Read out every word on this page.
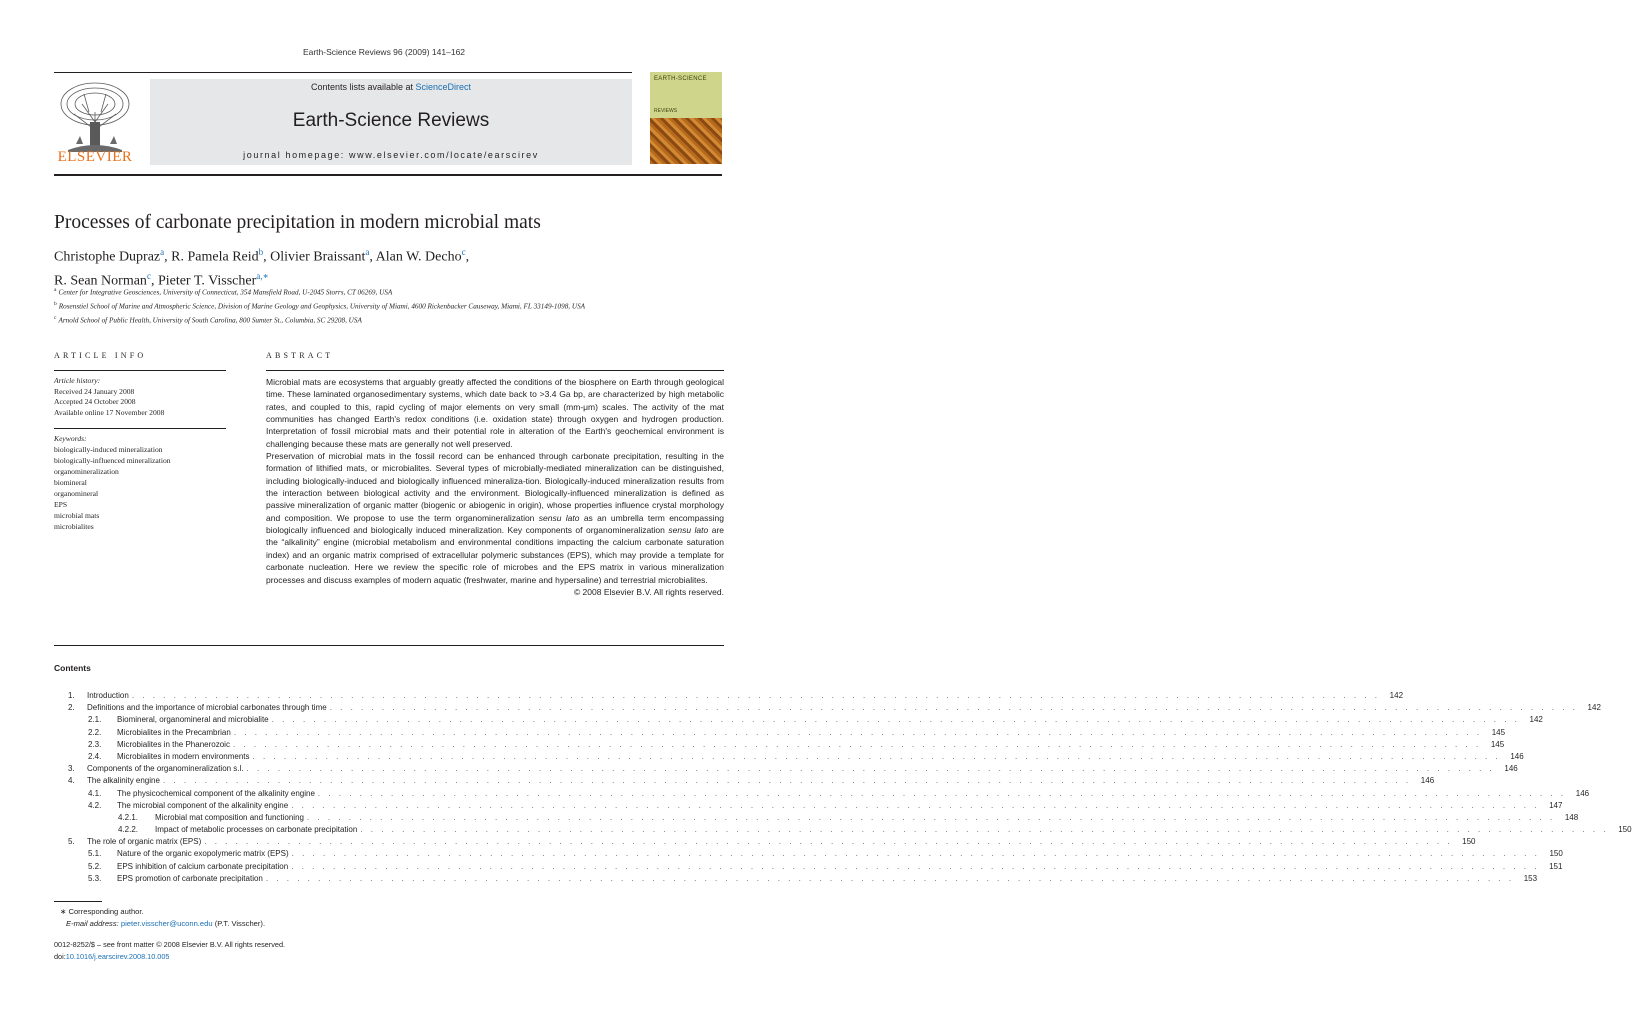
Earth-Science Reviews 96 (2009) 141–162
ELSEVIER
Contents lists available at ScienceDirect
Earth-Science Reviews
journal homepage: www.elsevier.com/locate/earscirev
EARTH-SCIENCE
REVIEWS
Processes of carbonate precipitation in modern microbial mats
Christophe Dupraz$^a$, R. Pamela Reid$^b$, Olivier Braissant$^a$, Alan W. Decho$^c$,
R. Sean Norman$^c$, Pieter T. Visscher$^{a,∗}$
$^a$ Center for Integrative Geosciences, University of Connecticut, 354 Mansfield Road, U-2045 Storrs, CT 06269, USA
$^b$ Rosenstiel School of Marine and Atmospheric Science, Division of Marine Geology and Geophysics, University of Miami, 4600 Rickenbacker Causeway, Miami, FL 33149-1098, USA
$^c$ Arnold School of Public Health, University of South Carolina, 800 Sumter St., Columbia, SC 29208, USA
ARTICLE INFO	ABSTRACT
Article history:
Received 24 January 2008
Accepted 24 October 2008
Available online 17 November 2008
Keywords:
biologically-induced mineralization
biologically-influenced mineralization
organomineralization
biomineral
organomineral
EPS
microbial mats
microbialites

Microbial mats are ecosystems that arguably greatly affected the conditions of the biosphere on Earth through geological time. These laminated organosedimentary systems, which date back to >3.4 Ga bp, are characterized by high metabolic rates, and coupled to this, rapid cycling of major elements on very small (mm-μm) scales. The activity of the mat communities has changed Earth's redox conditions (i.e. oxidation state) through oxygen and hydrogen production. Interpretation of fossil microbial mats and their potential role in alteration of the Earth's geochemical environment is challenging because these mats are generally not well preserved.

Preservation of microbial mats in the fossil record can be enhanced through carbonate precipitation, resulting in the formation of lithified mats, or microbialites. Several types of microbially-mediated mineralization can be distinguished, including biologically-induced and biologically influenced mineraliza-tion. Biologically-induced mineralization results from the interaction between biological activity and the environment. Biologically-influenced mineralization is defined as passive mineralization of organic matter (biogenic or abiogenic in origin), whose properties influence crystal morphology and composition. We propose to use the term organomineralization sensu lato as an umbrella term encompassing biologically influenced and biologically induced mineralization. Key components of organomineralization sensu lato are the “alkalinity” engine (microbial metabolism and environmental conditions impacting the calcium carbonate saturation index) and an organic matrix comprised of extracellular polymeric substances (EPS), which may provide a template for carbonate nucleation. Here we review the specific role of microbes and the EPS matrix in various mineralization processes and discuss examples of modern aquatic (freshwater, marine and hypersaline) and terrestrial microbialites.

© 2008 Elsevier B.V. All rights reserved.

Contents
1.	Introduction . . . . . . . . . . . . . . . . . . . . . . . . . . . . . . . . . . . . . . . . . . . . . . . . . . . . . . . . . . . . . . . . . . . . . . . . . . . . . . . . . . . . . . . . . . . . . . . . . . . . . . . . . . . . . . . . . . . . . . . .	142
2.	Definitions and the importance of microbial carbonates through time . . . . . . . . . . . . . . . . . . . . . . . . . . . . . . . . . . . . . . . . . . . . . . . . . . . . . . . . . . . . . . . . . . . . . . . . . . . . . . . . . . . . . . . . . . . . . . . . . . . . . . . . . . . . . . . . . . . . . . . .	142
2.1.	Biomineral, organomineral and microbialite . . . . . . . . . . . . . . . . . . . . . . . . . . . . . . . . . . . . . . . . . . . . . . . . . . . . . . . . . . . . . . . . . . . . . . . . . . . . . . . . . . . . . . . . . . . . . . . . . . . . . . . . . . . . . . . . . . . . . . . .	142
2.2.	Microbialites in the Precambrian . . . . . . . . . . . . . . . . . . . . . . . . . . . . . . . . . . . . . . . . . . . . . . . . . . . . . . . . . . . . . . . . . . . . . . . . . . . . . . . . . . . . . . . . . . . . . . . . . . . . . . . . . . . . . . . . . . . . . . . .	145
2.3.	Microbialites in the Phanerozoic . . . . . . . . . . . . . . . . . . . . . . . . . . . . . . . . . . . . . . . . . . . . . . . . . . . . . . . . . . . . . . . . . . . . . . . . . . . . . . . . . . . . . . . . . . . . . . . . . . . . . . . . . . . . . . . . . . . . . . . .	145
2.4.	Microbialites in modern environments . . . . . . . . . . . . . . . . . . . . . . . . . . . . . . . . . . . . . . . . . . . . . . . . . . . . . . . . . . . . . . . . . . . . . . . . . . . . . . . . . . . . . . . . . . . . . . . . . . . . . . . . . . . . . . . . . . . . . . . .	146
3.	Components of the organomineralization s.l. . . . . . . . . . . . . . . . . . . . . . . . . . . . . . . . . . . . . . . . . . . . . . . . . . . . . . . . . . . . . . . . . . . . . . . . . . . . . . . . . . . . . . . . . . . . . . . . . . . . . . . . . . . . . . . . . . . . . . . . .	146
4.	The alkalinity engine . . . . . . . . . . . . . . . . . . . . . . . . . . . . . . . . . . . . . . . . . . . . . . . . . . . . . . . . . . . . . . . . . . . . . . . . . . . . . . . . . . . . . . . . . . . . . . . . . . . . . . . . . . . . . . . . . . . . . . . .	146
4.1.	The physicochemical component of the alkalinity engine . . . . . . . . . . . . . . . . . . . . . . . . . . . . . . . . . . . . . . . . . . . . . . . . . . . . . . . . . . . . . . . . . . . . . . . . . . . . . . . . . . . . . . . . . . . . . . . . . . . . . . . . . . . . . . . . . . . . . . . .	146
4.2.	The microbial component of the alkalinity engine . . . . . . . . . . . . . . . . . . . . . . . . . . . . . . . . . . . . . . . . . . . . . . . . . . . . . . . . . . . . . . . . . . . . . . . . . . . . . . . . . . . . . . . . . . . . . . . . . . . . . . . . . . . . . . . . . . . . . . . .	147
4.2.1.	Microbial mat composition and functioning . . . . . . . . . . . . . . . . . . . . . . . . . . . . . . . . . . . . . . . . . . . . . . . . . . . . . . . . . . . . . . . . . . . . . . . . . . . . . . . . . . . . . . . . . . . . . . . . . . . . . . . . . . . . . . . . . . . . . . . .	148
4.2.2.	Impact of metabolic processes on carbonate precipitation . . . . . . . . . . . . . . . . . . . . . . . . . . . . . . . . . . . . . . . . . . . . . . . . . . . . . . . . . . . . . . . . . . . . . . . . . . . . . . . . . . . . . . . . . . . . . . . . . . . . . . . . . . . . . . . . . . . . . . . .	150
5.	The role of organic matrix (EPS) . . . . . . . . . . . . . . . . . . . . . . . . . . . . . . . . . . . . . . . . . . . . . . . . . . . . . . . . . . . . . . . . . . . . . . . . . . . . . . . . . . . . . . . . . . . . . . . . . . . . . . . . . . . . . . . . . . . . . . . .	150
5.1.	Nature of the organic exopolymeric matrix (EPS) . . . . . . . . . . . . . . . . . . . . . . . . . . . . . . . . . . . . . . . . . . . . . . . . . . . . . . . . . . . . . . . . . . . . . . . . . . . . . . . . . . . . . . . . . . . . . . . . . . . . . . . . . . . . . . . . . . . . . . . .	150
5.2.	EPS inhibition of calcium carbonate precipitation . . . . . . . . . . . . . . . . . . . . . . . . . . . . . . . . . . . . . . . . . . . . . . . . . . . . . . . . . . . . . . . . . . . . . . . . . . . . . . . . . . . . . . . . . . . . . . . . . . . . . . . . . . . . . . . . . . . . . . . .	151
5.3.	EPS promotion of carbonate precipitation . . . . . . . . . . . . . . . . . . . . . . . . . . . . . . . . . . . . . . . . . . . . . . . . . . . . . . . . . . . . . . . . . . . . . . . . . . . . . . . . . . . . . . . . . . . . . . . . . . . . . . . . . . . . . . . . . . . . . . . .	153
∗ Corresponding author.
E-mail address: pieter.visscher@uconn.edu (P.T. Visscher).
0012-8252/$ – see front matter © 2008 Elsevier B.V. All rights reserved.
doi:10.1016/j.earscirev.2008.10.005
